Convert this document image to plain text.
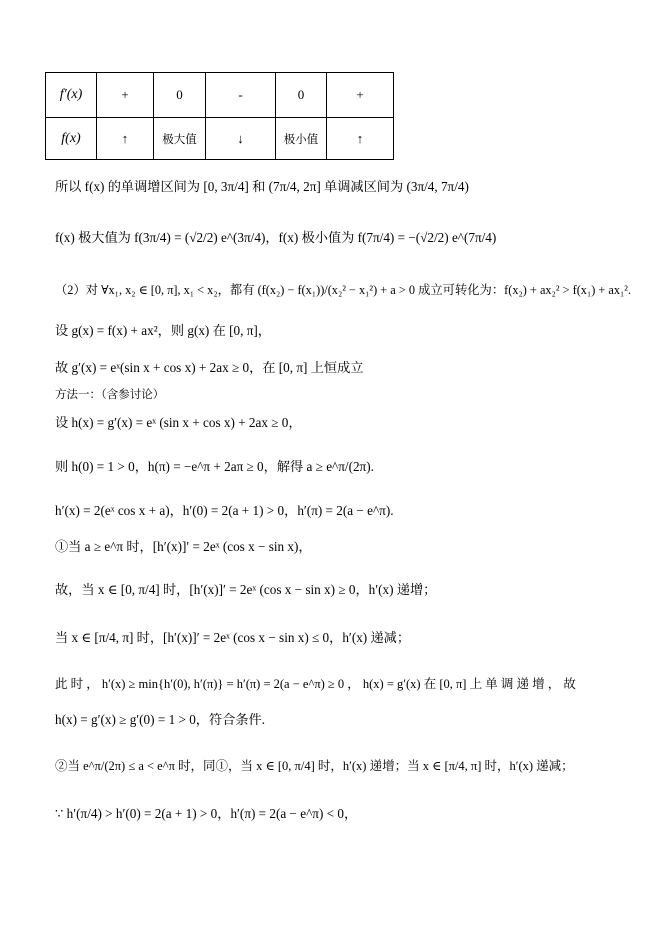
f′(x)	+	0	-	0	+
f(x)	↑	极大值	↓	极小值	↑
所以 f(x) 的单调增区间为 [0, 3π/4] 和 (7π/4, 2π] 单调减区间为 (3π/4, 7π/4)
f(x) 极大值为 f(3π/4) = (√2/2) e^(3π/4)，f(x) 极小值为 f(7π/4) = −(√2/2) e^(7π/4)
（2）对 ∀x₁, x₂ ∈ [0, π], x₁ < x₂，都有 (f(x₂) − f(x₁))/(x₂² − x₁²) + a > 0 成立可转化为：f(x₂) + ax₂² > f(x₁) + ax₁².
设 g(x) = f(x) + ax²，则 g(x) 在 [0, π]，
故 g′(x) = eˣ(sin x + cos x) + 2ax ≥ 0，在 [0, π] 上恒成立
方法一：（含参讨论）
设 h(x) = g′(x) = eˣ (sin x + cos x) + 2ax ≥ 0，
则 h(0) = 1 > 0，h(π) = −e^π + 2aπ ≥ 0，解得 a ≥ e^π/(2π).
h′(x) = 2(eˣ cos x + a)，h′(0) = 2(a + 1) > 0，h′(π) = 2(a − e^π).
①当 a ≥ e^π 时，[h′(x)]′ = 2eˣ (cos x − sin x)，
故，当 x ∈ [0, π/4] 时，[h′(x)]′ = 2eˣ (cos x − sin x) ≥ 0，h′(x) 递增；
当 x ∈ [π/4, π] 时，[h′(x)]′ = 2eˣ (cos x − sin x) ≤ 0，h′(x) 递减；
此 时 ， h′(x) ≥ min{h′(0), h′(π)} = h′(π) = 2(a − e^π) ≥ 0 ， h(x) = g′(x) 在 [0, π] 上 单 调 递 增 ， 故
h(x) = g′(x) ≥ g′(0) = 1 > 0，符合条件.
②当 e^π/(2π) ≤ a < e^π 时，同①，当 x ∈ [0, π/4] 时，h′(x) 递增；当 x ∈ [π/4, π] 时，h′(x) 递减；
∵ h′(π/4) > h′(0) = 2(a + 1) > 0，h′(π) = 2(a − e^π) < 0，
